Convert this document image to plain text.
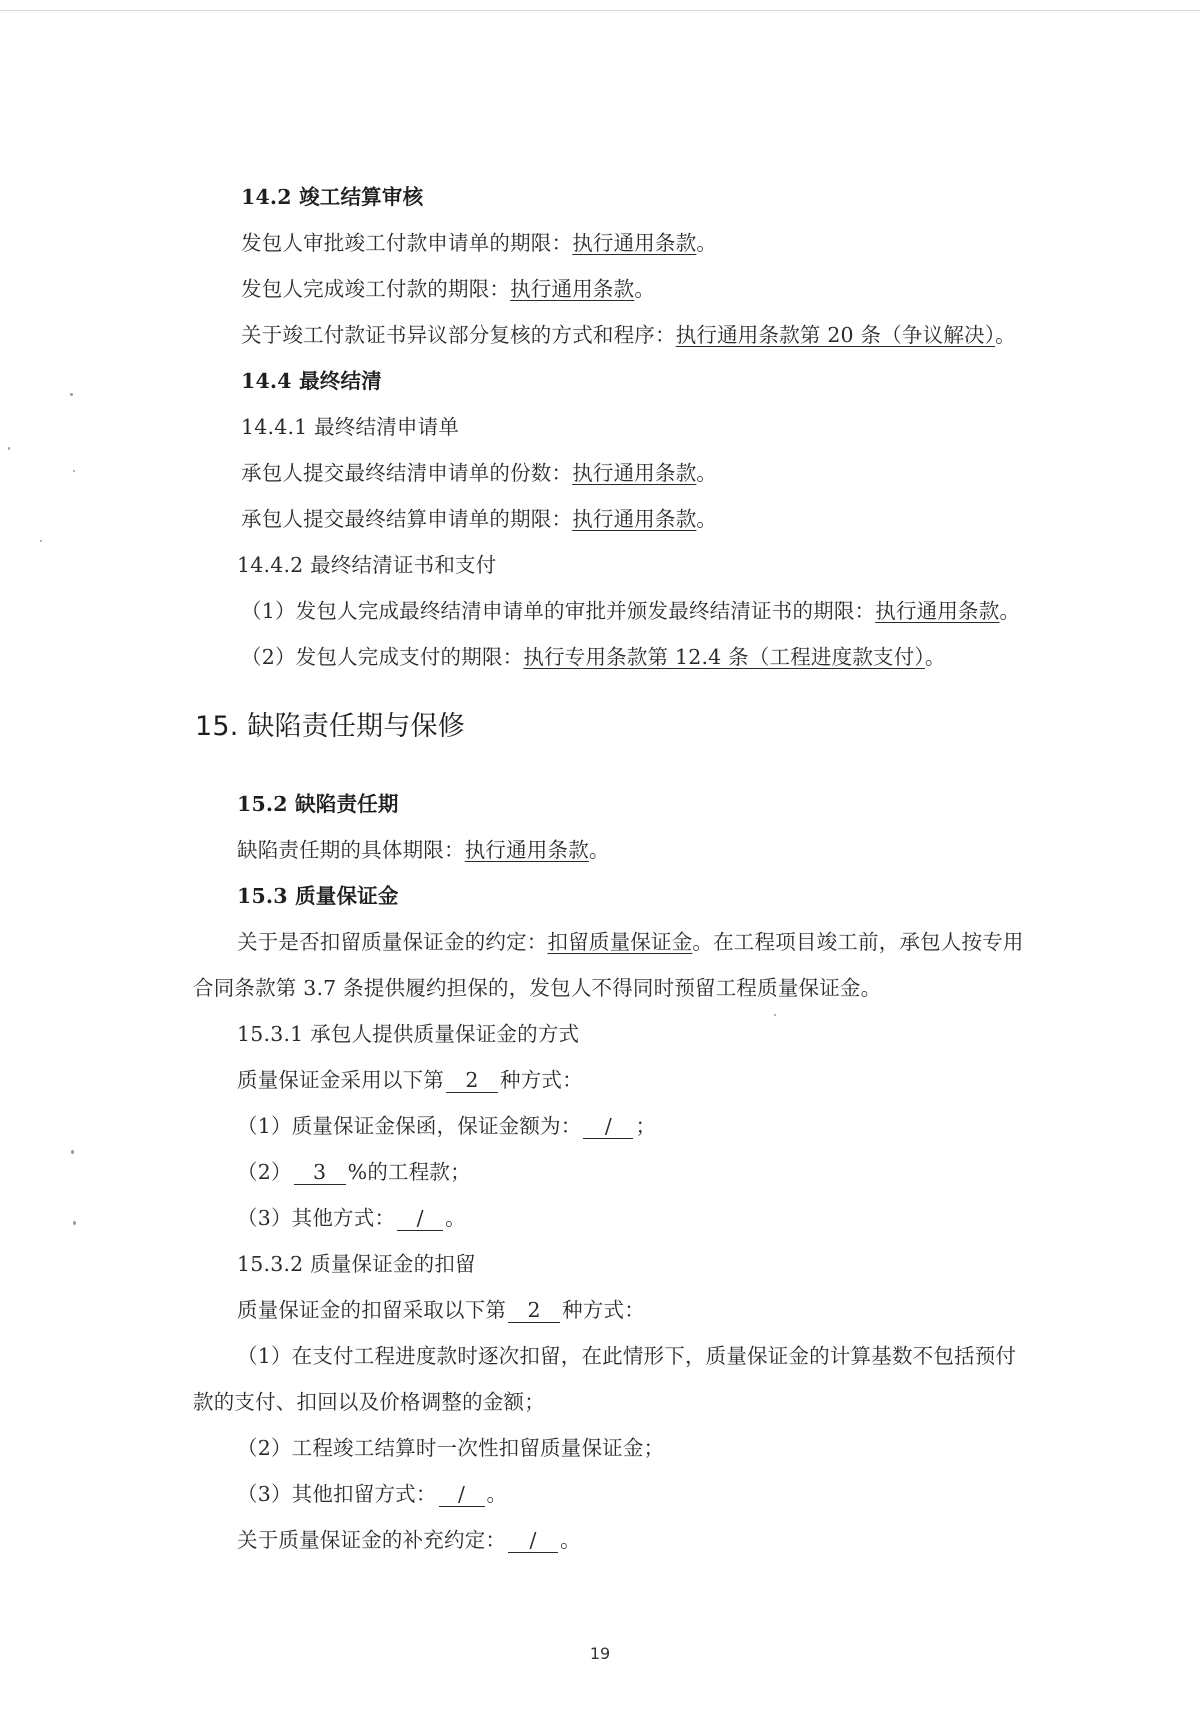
14.2 竣工结算审核
发包人审批竣工付款申请单的期限：执行通用条款。
发包人完成竣工付款的期限：执行通用条款。
关于竣工付款证书异议部分复核的方式和程序：执行通用条款第 20 条（争议解决）。
14.4 最终结清
14.4.1 最终结清申请单
承包人提交最终结清申请单的份数：执行通用条款。
承包人提交最终结算申请单的期限：执行通用条款。
14.4.2 最终结清证书和支付
（1）发包人完成最终结清申请单的审批并颁发最终结清证书的期限：执行通用条款。
（2）发包人完成支付的期限：执行专用条款第 12.4 条（工程进度款支付）。
15. 缺陷责任期与保修
15.2 缺陷责任期
缺陷责任期的具体期限：执行通用条款。
15.3 质量保证金
关于是否扣留质量保证金的约定：扣留质量保证金。在工程项目竣工前，承包人按专用
合同条款第 3.7 条提供履约担保的，发包人不得同时预留工程质量保证金。
15.3.1 承包人提供质量保证金的方式
质量保证金采用以下第 2 种方式：
（1）质量保证金保函，保证金额为： / ；
（2） 3 %的工程款；
（3）其他方式： / 。
15.3.2 质量保证金的扣留
质量保证金的扣留采取以下第 2 种方式：
（1）在支付工程进度款时逐次扣留，在此情形下，质量保证金的计算基数不包括预付
款的支付、扣回以及价格调整的金额；
（2）工程竣工结算时一次性扣留质量保证金；
（3）其他扣留方式： / 。
关于质量保证金的补充约定： / 。
19
